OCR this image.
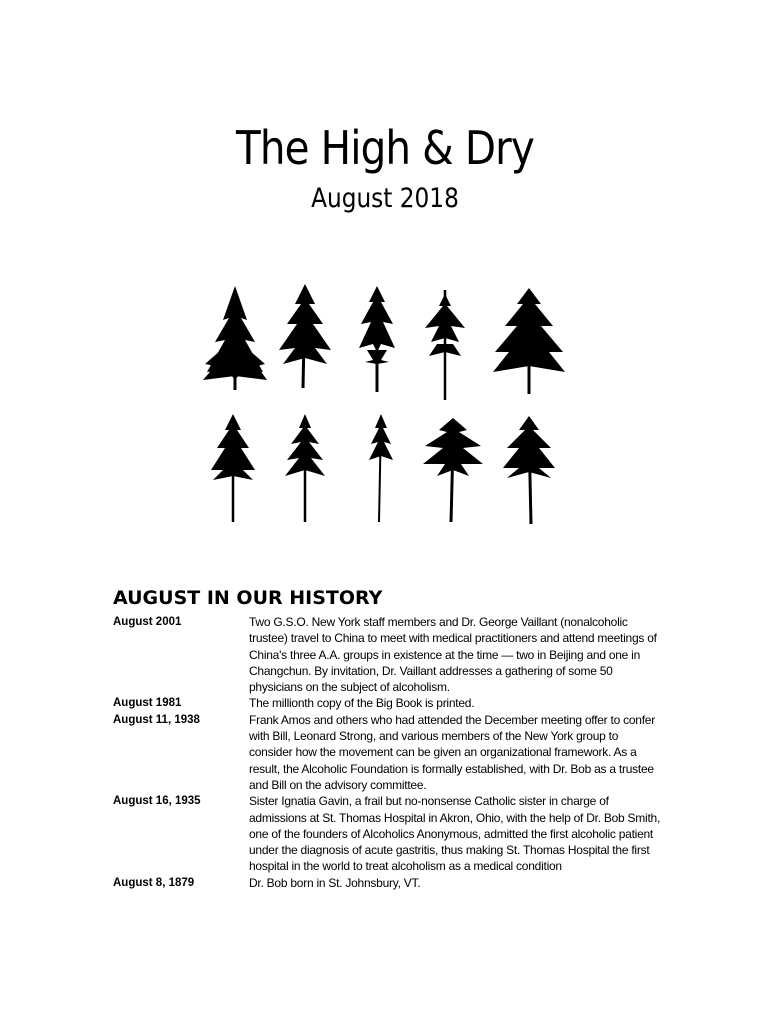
The High & Dry
August 2018
AUGUST IN OUR HISTORY
August 2001	Two G.S.O. New York staff members and Dr. George Vaillant (nonalcoholic trustee) travel to China to meet with medical practitioners and attend meetings of China's three A.A. groups in existence at the time — two in Beijing and one in Changchun. By invitation, Dr. Vaillant addresses a gathering of some 50 physicians on the subject of alcoholism.
August 1981	The millionth copy of the Big Book is printed.
August 11, 1938	Frank Amos and others who had attended the December meeting offer to confer with Bill, Leonard Strong, and various members of the New York group to consider how the movement can be given an organizational framework. As a result, the Alcoholic Foundation is formally established, with Dr. Bob as a trustee and Bill on the advisory committee.
August 16, 1935	Sister Ignatia Gavin, a frail but no-nonsense Catholic sister in charge of admissions at St. Thomas Hospital in Akron, Ohio, with the help of Dr. Bob Smith, one of the founders of Alcoholics Anonymous, admitted the first alcoholic patient under the diagnosis of acute gastritis, thus making St. Thomas Hospital the first hospital in the world to treat alcoholism as a medical condition
August 8, 1879	Dr. Bob born in St. Johnsbury, VT.
